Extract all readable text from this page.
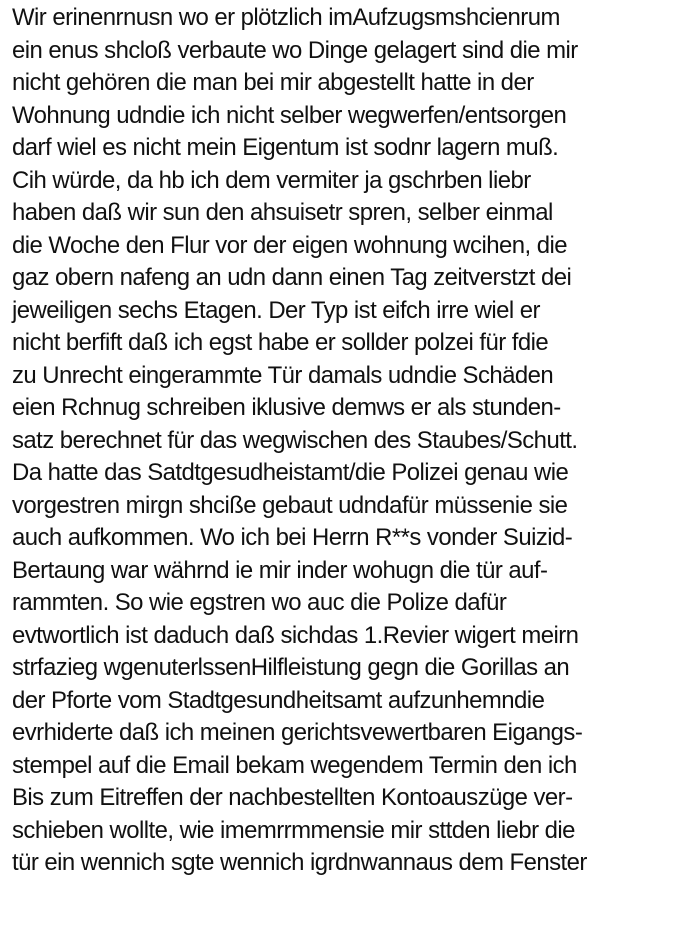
Wir erinenrnusn wo er plötzlich imAufzugsmshcienrum
ein enus shcloß verbaute wo Dinge gelagert sind die mir
nicht gehören die man bei mir abgestellt hatte in der
Wohnung udndie ich nicht selber wegwerfen/entsorgen
darf wiel es nicht mein Eigentum ist sodnr lagern muß.
Cih würde, da hb ich dem vermiter ja gschrben liebr
haben daß wir sun den ahsuisetr spren, selber einmal
die Woche den Flur vor der eigen wohnung wcihen, die
gaz obern nafeng an udn dann einen Tag zeitverstzt dei
jeweiligen sechs Etagen. Der Typ ist eifch irre wiel er
nicht berfift daß ich egst habe er sollder polzei für fdie
zu Unrecht eingerammte Tür damals udndie Schäden
eien Rchnug schreiben iklusive demws er als stunden-
satz berechnet für das wegwischen des Staubes/Schutt.
Da hatte das Satdtgesudheistamt/die Polizei genau wie
vorgestren mirgn shcißе gebaut udndafür müssenie sie
auch aufkommen. Wo ich bei Herrn R**s vonder Suizid-
Bertaung war währnd ie mir inder wohugn die tür auf-
rammten. So wie egstren wo auc die Polize dafür
evtwortlich ist daduch daß sichdas 1.Revier wigert meirn
strfazieg wgenuterlssenHilfleistung gegn die Gorillas an
der Pforte vom Stadtgesundheitsamt aufzunhemndie
evrhiderte daß ich meinen gerichtsvewertbaren Eigangs-
stempel auf die Email bekam wegendem Termin den ich
Bis zum Eitreffen der nachbestellten Kontoauszüge ver-
schieben wollte, wie imemrrmmensie mir sttden liebr die
tür ein wennich sgte wennich igrdnwannaus dem Fenster
